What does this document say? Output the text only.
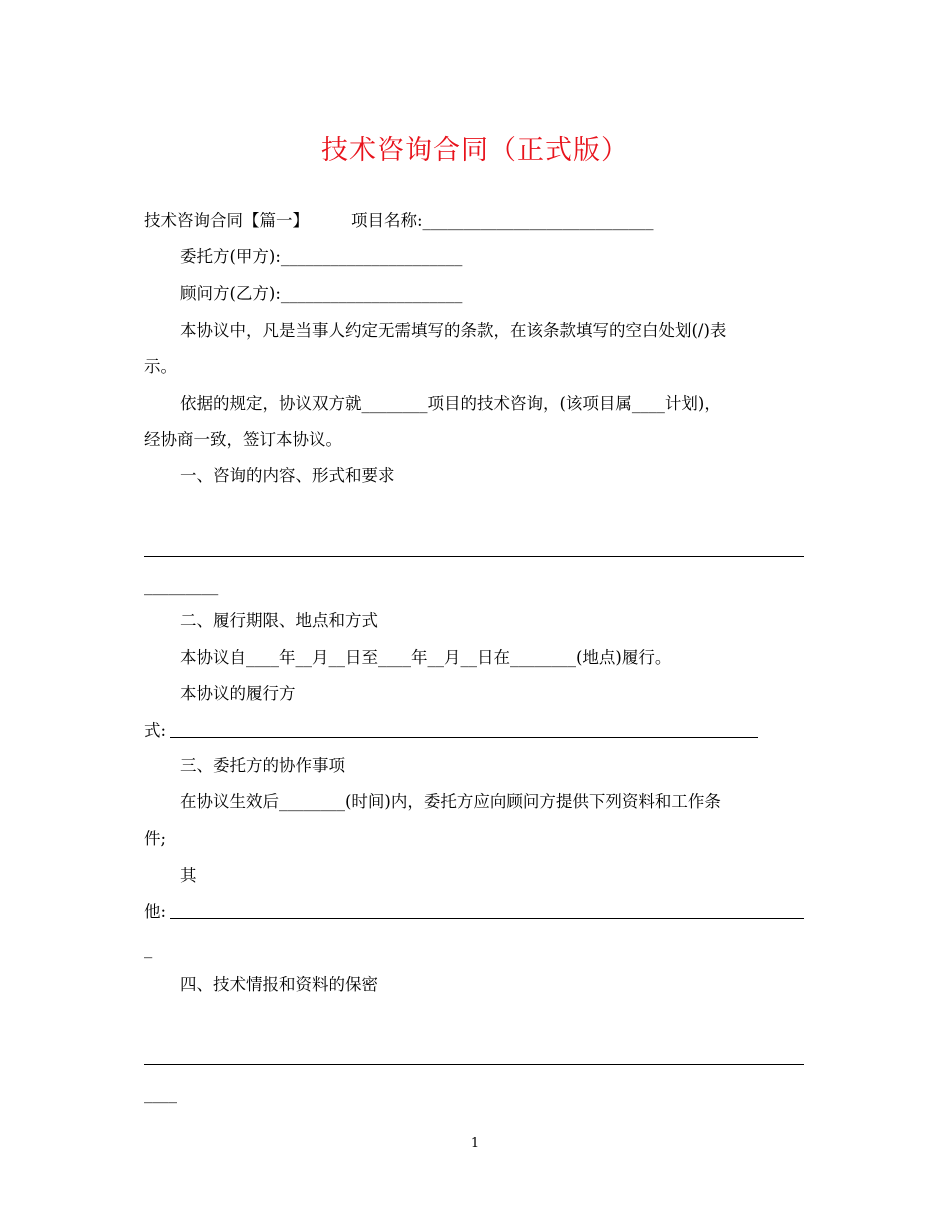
技术咨询合同（正式版）
技术咨询合同【篇一】        项目名称:____________________________
委托方(甲方):______________________
顾问方(乙方):______________________
本协议中，凡是当事人约定无需填写的条款，在该条款填写的空白处划(/)表
示。
依据的规定，协议双方就________项目的技术咨询，(该项目属____计划)，
经协商一致，签订本协议。
一、咨询的内容、形式和要求
_________
二、履行期限、地点和方式
本协议自____年__月__日至____年__月__日在________(地点)履行。
本协议的履行方
式:
三、委托方的协作事项
在协议生效后________(时间)内，委托方应向顾问方提供下列资料和工作条
件;
其
他:
_
四、技术情报和资料的保密
____
1
